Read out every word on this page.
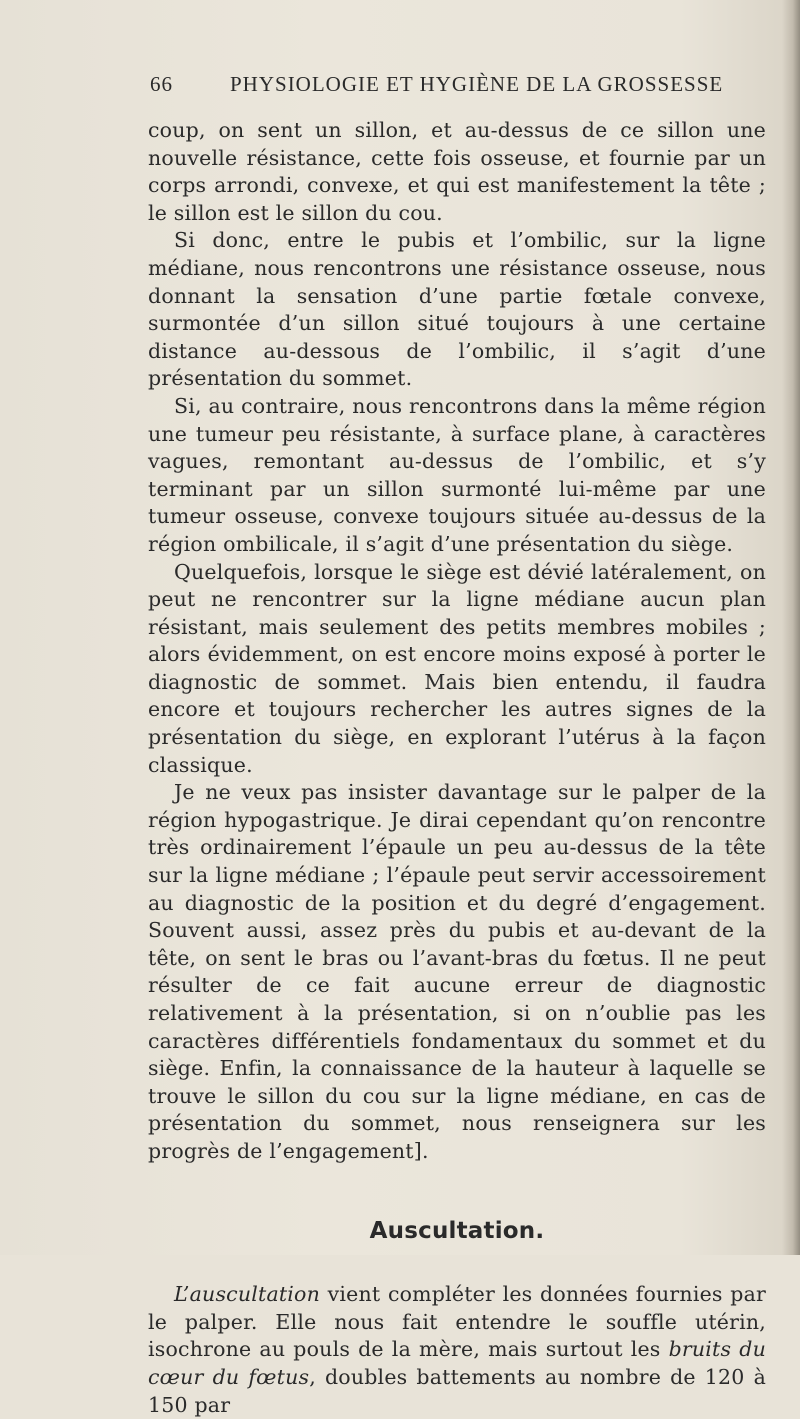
66	PHYSIOLOGIE ET HYGIÈNE DE LA GROSSESSE

coup, on sent un sillon, et au-dessus de ce sillon une nouvelle résistance, cette fois osseuse, et fournie par un corps arrondi, convexe, et qui est manifestement la tête ; le sillon est le sillon du cou.

Si donc, entre le pubis et l’ombilic, sur la ligne médiane, nous rencontrons une résistance osseuse, nous donnant la sensation d’une partie fœtale convexe, surmontée d’un sillon situé toujours à une certaine distance au-dessous de l’ombilic, il s’agit d’une présentation du sommet.

Si, au contraire, nous rencontrons dans la même région une tumeur peu résistante, à surface plane, à caractères vagues, remontant au-dessus de l’ombilic, et s’y terminant par un sillon surmonté lui-même par une tumeur osseuse, convexe toujours située au-dessus de la région ombilicale, il s’agit d’une présentation du siège.

Quelquefois, lorsque le siège est dévié latéralement, on peut ne rencontrer sur la ligne médiane aucun plan résistant, mais seulement des petits membres mobiles ; alors évidemment, on est encore moins exposé à porter le diagnostic de sommet. Mais bien entendu, il faudra encore et toujours rechercher les autres signes de la présentation du siège, en explorant l’utérus à la façon classique.

Je ne veux pas insister davantage sur le palper de la région hypogastrique. Je dirai cependant qu’on rencontre très ordinairement l’épaule un peu au-dessus de la tête sur la ligne médiane ; l’épaule peut servir accessoirement au diagnostic de la position et du degré d’engagement. Souvent aussi, assez près du pubis et au-devant de la tête, on sent le bras ou l’avant-bras du fœtus. Il ne peut résulter de ce fait aucune erreur de diagnostic relativement à la présentation, si on n’oublie pas les caractères différentiels fondamentaux du sommet et du siège. Enfin, la connaissance de la hauteur à laquelle se trouve le sillon du cou sur la ligne médiane, en cas de présentation du sommet, nous renseignera sur les progrès de l’engagement].

Auscultation.

L’auscultation vient compléter les données fournies par le palper. Elle nous fait entendre le souffle utérin, isochrone au pouls de la mère, mais surtout les bruits du cœur du fœtus, doubles battements au nombre de 120 à 150 par
